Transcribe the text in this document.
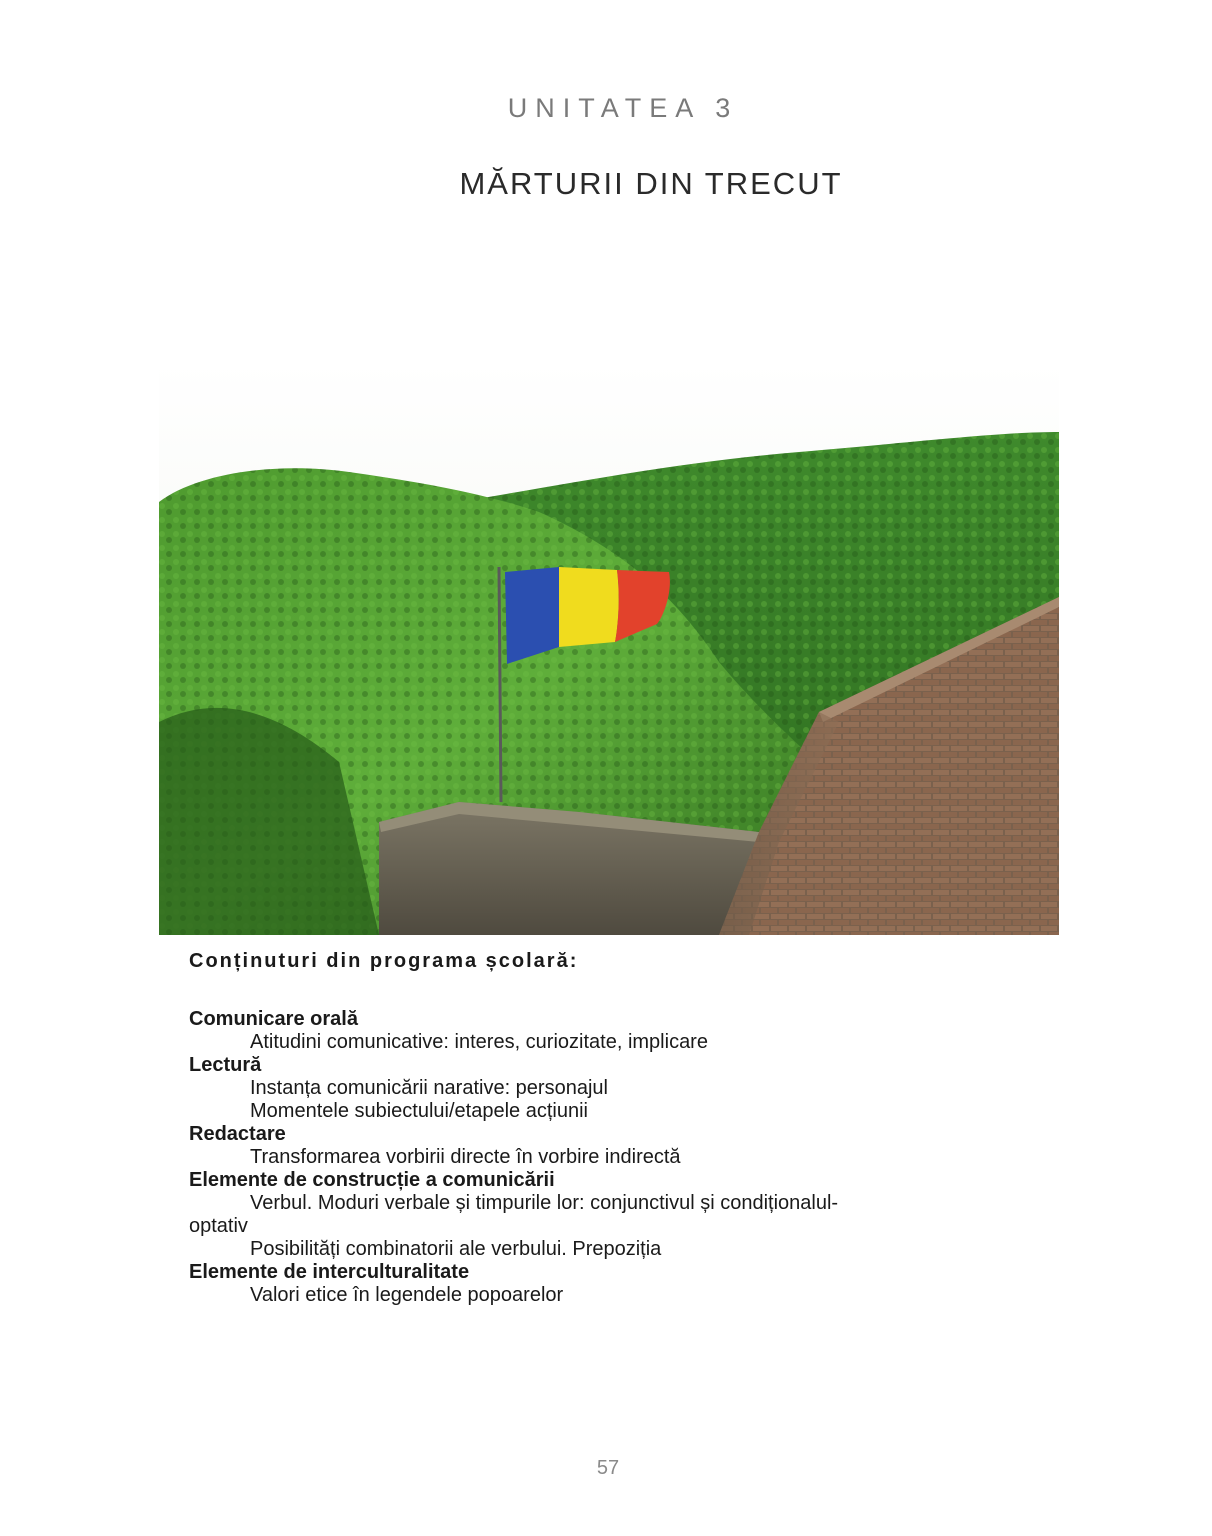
UNITATEA 3
MĂRTURII DIN TRECUT
Conținuturi din programa școlară:
Comunicare orală
Atitudini comunicative: interes, curiozitate, implicare
Lectură
Instanța comunicării narative: personajul
Momentele subiectului/etapele acțiunii
Redactare
Transformarea vorbirii directe în vorbire indirectă
Elemente de construcție a comunicării
Verbul. Moduri verbale și timpurile lor: conjunctivul și condiționalul-
optativ
Posibilități combinatorii ale verbului. Prepoziția
Elemente de interculturalitate
Valori etice în legendele popoarelor
57
